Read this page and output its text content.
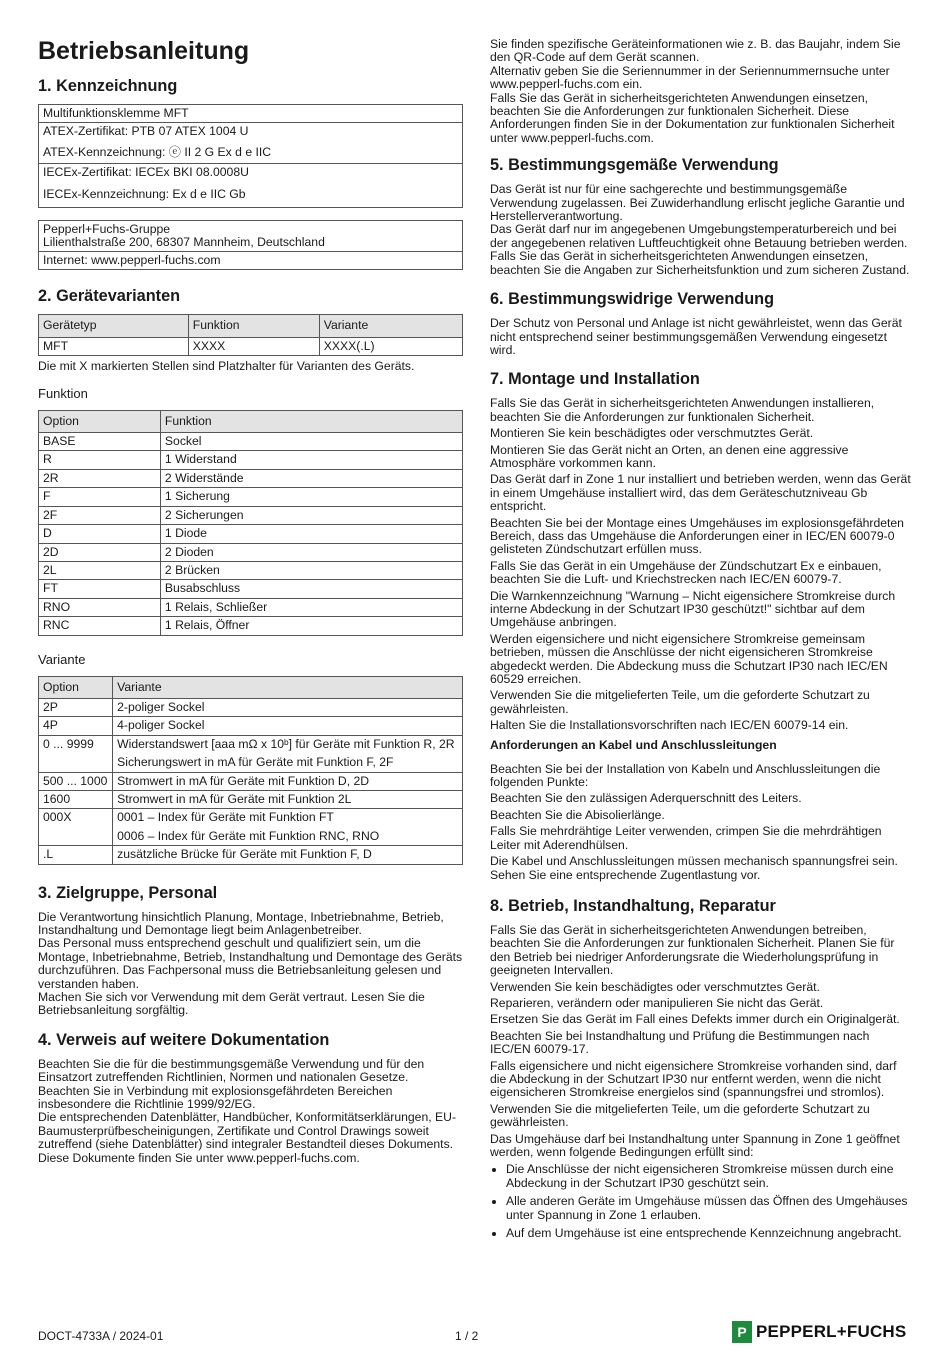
Betriebsanleitung
1. Kennzeichnung
Multifunktionsklemme MFT
ATEX-Zertifikat: PTB 07 ATEX 1004 U
ATEX-Kennzeichnung: ⓔ II 2 G Ex d e IIC
IECEx-Zertifikat: IECEx BKI 08.0008U
IECEx-Kennzeichnung: Ex d e IIC Gb
Pepperl+Fuchs-Gruppe
Lilienthalstraße 200, 68307 Mannheim, Deutschland
Internet: www.pepperl-fuchs.com
2. Gerätevarianten
Gerätetyp	Funktion	Variante
MFT	XXXX	XXXX(.L)

Die mit X markierten Stellen sind Platzhalter für Varianten des Geräts.

Funktion
Option	Funktion
BASE	Sockel

R	1 Widerstand

2R	2 Widerstände

F	1 Sicherung

2F	2 Sicherungen

D	1 Diode

2D	2 Dioden

2L	2 Brücken

FT	Busabschluss

RNO	1 Relais, Schließer

RNC	1 Relais, Öffner
Variante
Option	Variante
2P	2-poliger Sockel

4P	4-poliger Sockel

0 ... 9999	Widerstandswert [aaa mΩ x 10ᵇ] für Geräte mit Funktion R, 2R
Sicherungswert in mA für Geräte mit Funktion F, 2F

500 ... 1000	Stromwert in mA für Geräte mit Funktion D, 2D

1600	Stromwert in mA für Geräte mit Funktion 2L

000X	0001 – Index für Geräte mit Funktion FT
0006 – Index für Geräte mit Funktion RNC, RNO

.L	zusätzliche Brücke für Geräte mit Funktion F, D
3. Zielgruppe, Personal

Die Verantwortung hinsichtlich Planung, Montage, Inbetriebnahme, Betrieb, Instandhaltung und Demontage liegt beim Anlagenbetreiber.

Das Personal muss entsprechend geschult und qualifiziert sein, um die Montage, Inbetriebnahme, Betrieb, Instandhaltung und Demontage des Geräts durchzuführen. Das Fachpersonal muss die Betriebsanleitung gelesen und verstanden haben.

Machen Sie sich vor Verwendung mit dem Gerät vertraut. Lesen Sie die Betriebsanleitung sorgfältig.

4. Verweis auf weitere Dokumentation

Beachten Sie die für die bestimmungsgemäße Verwendung und für den Einsatzort zutreffenden Richtlinien, Normen und nationalen Gesetze. Beachten Sie in Verbindung mit explosionsgefährdeten Bereichen insbesondere die Richtlinie 1999/92/EG.

Die entsprechenden Datenblätter, Handbücher, Konformitätserklärungen, EU-Baumusterprüfbescheinigungen, Zertifikate und Control Drawings soweit zutreffend (siehe Datenblätter) sind integraler Bestandteil dieses Dokuments. Diese Dokumente finden Sie unter www.pepperl-fuchs.com.

Sie finden spezifische Geräteinformationen wie z. B. das Baujahr, indem Sie den QR-Code auf dem Gerät scannen.

Alternativ geben Sie die Seriennummer in der Seriennummernsuche unter www.pepperl-fuchs.com ein.

Falls Sie das Gerät in sicherheitsgerichteten Anwendungen einsetzen, beachten Sie die Anforderungen zur funktionalen Sicherheit. Diese Anforderungen finden Sie in der Dokumentation zur funktionalen Sicherheit unter www.pepperl-fuchs.com.

5. Bestimmungsgemäße Verwendung

Das Gerät ist nur für eine sachgerechte und bestimmungsgemäße Verwendung zugelassen. Bei Zuwiderhandlung erlischt jegliche Garantie und Herstellerverantwortung.

Das Gerät darf nur im angegebenen Umgebungstemperaturbereich und bei der angegebenen relativen Luftfeuchtigkeit ohne Betauung betrieben werden.

Falls Sie das Gerät in sicherheitsgerichteten Anwendungen einsetzen, beachten Sie die Angaben zur Sicherheitsfunktion und zum sicheren Zustand.

6. Bestimmungswidrige Verwendung

Der Schutz von Personal und Anlage ist nicht gewährleistet, wenn das Gerät nicht entsprechend seiner bestimmungsgemäßen Verwendung eingesetzt wird.

7. Montage und Installation

Falls Sie das Gerät in sicherheitsgerichteten Anwendungen installieren, beachten Sie die Anforderungen zur funktionalen Sicherheit.

Montieren Sie kein beschädigtes oder verschmutztes Gerät.

Montieren Sie das Gerät nicht an Orten, an denen eine aggressive Atmosphäre vorkommen kann.

Das Gerät darf in Zone 1 nur installiert und betrieben werden, wenn das Gerät in einem Umgehäuse installiert wird, das dem Geräteschutzniveau Gb entspricht.

Beachten Sie bei der Montage eines Umgehäuses im explosionsgefährdeten Bereich, dass das Umgehäuse die Anforderungen einer in IEC/EN 60079-0 gelisteten Zündschutzart erfüllen muss.

Falls Sie das Gerät in ein Umgehäuse der Zündschutzart Ex e einbauen, beachten Sie die Luft- und Kriechstrecken nach IEC/EN 60079-7.

Die Warnkennzeichnung "Warnung – Nicht eigensichere Stromkreise durch interne Abdeckung in der Schutzart IP30 geschützt!" sichtbar auf dem Umgehäuse anbringen.

Werden eigensichere und nicht eigensichere Stromkreise gemeinsam betrieben, müssen die Anschlüsse der nicht eigensicheren Stromkreise abgedeckt werden. Die Abdeckung muss die Schutzart IP30 nach IEC/EN 60529 erreichen.

Verwenden Sie die mitgelieferten Teile, um die geforderte Schutzart zu gewährleisten.

Halten Sie die Installationsvorschriften nach IEC/EN 60079-14 ein.

Anforderungen an Kabel und Anschlussleitungen

Beachten Sie bei der Installation von Kabeln und Anschlussleitungen die folgenden Punkte:

Beachten Sie den zulässigen Aderquerschnitt des Leiters.

Beachten Sie die Abisolierlänge.

Falls Sie mehrdrähtige Leiter verwenden, crimpen Sie die mehrdrähtigen Leiter mit Aderendhülsen.

Die Kabel und Anschlussleitungen müssen mechanisch spannungsfrei sein. Sehen Sie eine entsprechende Zugentlastung vor.

8. Betrieb, Instandhaltung, Reparatur

Falls Sie das Gerät in sicherheitsgerichteten Anwendungen betreiben, beachten Sie die Anforderungen zur funktionalen Sicherheit. Planen Sie für den Betrieb bei niedriger Anforderungsrate die Wiederholungsprüfung in geeigneten Intervallen.

Verwenden Sie kein beschädigtes oder verschmutztes Gerät.

Reparieren, verändern oder manipulieren Sie nicht das Gerät.

Ersetzen Sie das Gerät im Fall eines Defekts immer durch ein Originalgerät.

Beachten Sie bei Instandhaltung und Prüfung die Bestimmungen nach IEC/EN 60079-17.

Falls eigensichere und nicht eigensichere Stromkreise vorhanden sind, darf die Abdeckung in der Schutzart IP30 nur entfernt werden, wenn die nicht eigensicheren Stromkreise energielos sind (spannungsfrei und stromlos).

Verwenden Sie die mitgelieferten Teile, um die geforderte Schutzart zu gewährleisten.

Das Umgehäuse darf bei Instandhaltung unter Spannung in Zone 1 geöffnet werden, wenn folgende Bedingungen erfüllt sind:

• Die Anschlüsse der nicht eigensicheren Stromkreise müssen durch eine Abdeckung in der Schutzart IP30 geschützt sein.
• Alle anderen Geräte im Umgehäuse müssen das Öffnen des Umgehäuses unter Spannung in Zone 1 erlauben.
• Auf dem Umgehäuse ist eine entsprechende Kennzeichnung angebracht.
DOCT-4733A / 2024-01	1 / 2	P PEPPERL+FUCHS
